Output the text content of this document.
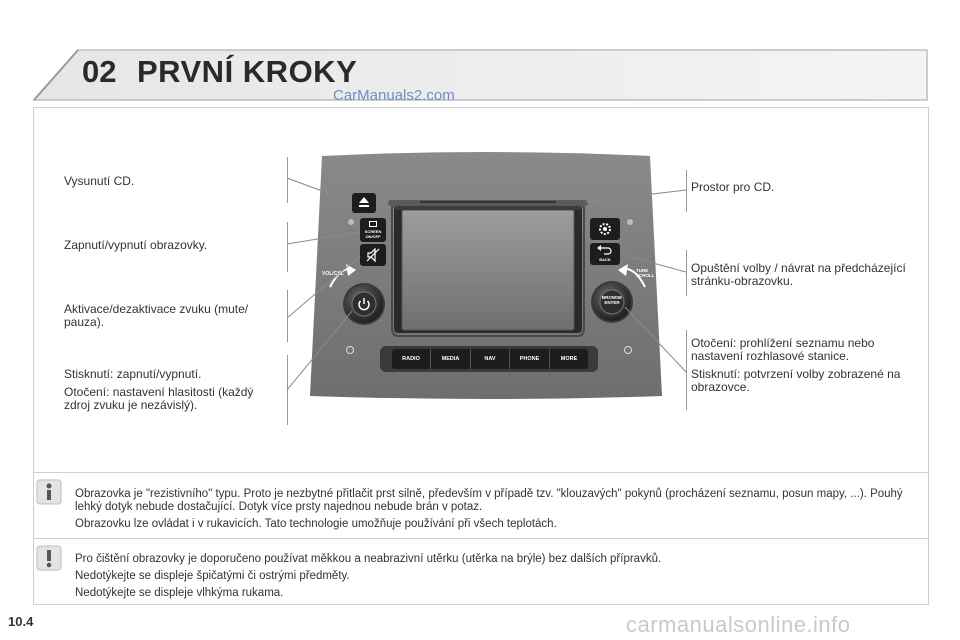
02 PRVNÍ KROKY
CarManuals2.com
Vysunutí CD.
Zapnutí/vypnutí obrazovky.
Aktivace/dezaktivace zvuku (mute/ pauza).
Stisknutí: zapnutí/vypnutí.
Otočení: nastavení hlasitosti (každý zdroj zvuku je nezávislý).
Prostor pro CD.
Opuštění volby / návrat na předcházející stránku-obrazovku.
Otočení: prohlížení seznamu nebo nastavení rozhlasové stanice.
Stisknutí: potvrzení volby zobrazené na obrazovce.
SCREEN ON/OFF
VOL/CAL
BACK
TUNE SCROLL
BROWSE ENTER
RADIO	MEDIA	NAV	PHONE	MORE

Obrazovka je "rezistivního" typu. Proto je nezbytné přitlačit prst silně, především v případě tzv. "klouzavých" pokynů (procházení seznamu, posun mapy, ...). Pouhý lehký dotyk nebude dostačující. Dotyk více prsty najednou nebude brán v potaz.

Obrazovku lze ovládat i v rukavicích. Tato technologie umožňuje používání při všech teplotách.

Pro čištění obrazovky je doporučeno používat měkkou a neabrazivní utěrku (utěrka na brýle) bez dalších přípravků.

Nedotýkejte se displeje špičatými či ostrými předměty.

Nedotýkejte se displeje vlhkýma rukama.

10.4	carmanualsonline.info
